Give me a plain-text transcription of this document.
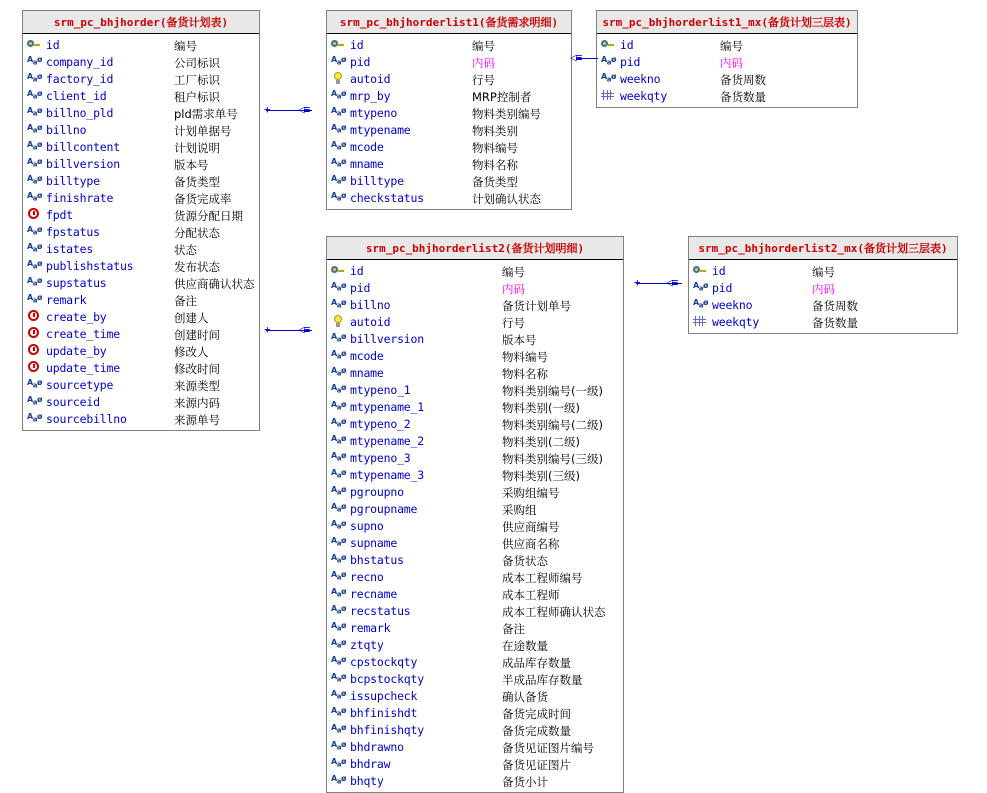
srm_pc_bhjhorder(备货计划表)
id	编号
$A_aø$ company_id	公司标识
$A_aø$ factory_id	工厂标识
$A_aø$ client_id	租户标识
$A_aø$ billno_pld	pld需求单号
$A_aø$ billno	计划单据号
$A_aø$ billcontent	计划说明
$A_aø$ billversion	版本号
$A_aø$ billtype	备货类型
$A_aø$ finishrate	备货完成率
fpdt	货源分配日期
$A_aø$ fpstatus	分配状态
$A_aø$ istates	状态
$A_aø$ publishstatus	发布状态
$A_aø$ supstatus	供应商确认状态
$A_aø$ remark	备注
create_by	创建人
create_time	创建时间
update_by	修改人
update_time	修改时间
$A_aø$ sourcetype	来源类型
$A_aø$ sourceid	来源内码
$A_aø$ sourcebillno	来源单号
srm_pc_bhjhorderlist1(备货需求明细)
id	编号
$A_aø$ pid	内码
autoid	行号
$A_aø$ mrp_by	MRP控制者
$A_aø$ mtypeno	物料类别编号
$A_aø$ mtypename	物料类别
$A_aø$ mcode	物料编号
$A_aø$ mname	物料名称
$A_aø$ billtype	备货类型
$A_aø$ checkstatus	计划确认状态
srm_pc_bhjhorderlist1_mx(备货计划三层表)
id	编号
$A_aø$ pid	内码
$A_aø$ weekno	备货周数
weekqty	备货数量
srm_pc_bhjhorderlist2(备货计划明细)
id	编号
$A_aø$ pid	内码
$A_aø$ billno	备货计划单号
autoid	行号
$A_aø$ billversion	版本号
$A_aø$ mcode	物料编号
$A_aø$ mname	物料名称
$A_aø$ mtypeno_1	物料类别编号(一级)
$A_aø$ mtypename_1	物料类别(一级)
$A_aø$ mtypeno_2	物料类别编号(二级)
$A_aø$ mtypename_2	物料类别(二级)
$A_aø$ mtypeno_3	物料类别编号(三级)
$A_aø$ mtypename_3	物料类别(三级)
$A_aø$ pgroupno	采购组编号
$A_aø$ pgroupname	采购组
$A_aø$ supno	供应商编号
$A_aø$ supname	供应商名称
$A_aø$ bhstatus	备货状态
$A_aø$ recno	成本工程师编号
$A_aø$ recname	成本工程师
$A_aø$ recstatus	成本工程师确认状态
$A_aø$ remark	备注
$A_aø$ ztqty	在途数量
$A_aø$ cpstockqty	成品库存数量
$A_aø$ bcpstockqty	半成品库存数量
$A_aø$ issupcheck	确认备货
$A_aø$ bhfinishdt	备货完成时间
$A_aø$ bhfinishqty	备货完成数量
$A_aø$ bhdrawno	备货见证图片编号
$A_aø$ bhdraw	备货见证图片
$A_aø$ bhqty	备货小计
srm_pc_bhjhorderlist2_mx(备货计划三层表)
id	编号
$A_aø$ pid	内码
$A_aø$ weekno	备货周数
weekqty	备货数量
+	◁≡
◁≡
+	◁≡
+ ◁≡
